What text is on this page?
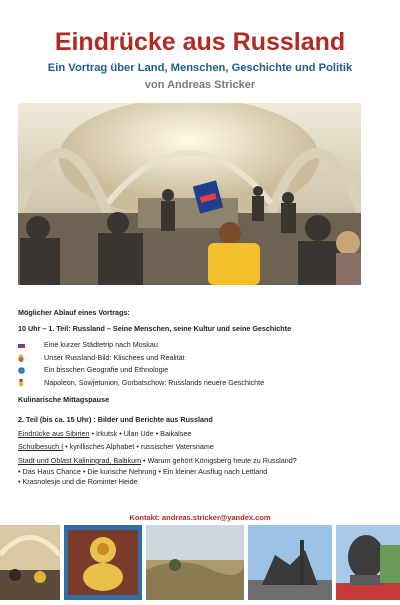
Eindrücke aus Russland
Ein Vortrag über Land, Menschen, Geschichte und Politik
von Andreas Stricker
Möglicher Ablauf eines Vortrags:
10 Uhr – 1. Teil: Russland – Seine Menschen, seine Kultur und seine Geschichte
Eine kurzer Städtetrip nach Moskau
Unser Russland-Bild: Klischees und Realität
Ein bisschen Geografie und Ethnologie
Napoleon, Sowjetunion, Gorbatschow: Russlands neuere Geschichte
Kulinarische Mittagspause
2. Teil (bis ca. 15 Uhr) : Bilder und Berichte aus Russland
Eindrücke aus Sibirien • Irkutsk • Ulan Ude • Baikalsee
Schulbesuch I • kyrillisches Alphabet • russischer Vatersname
Stadt und Oblast Kaliningrad, Baltikum • Warum gehört Königsberg heute zu Russland?
• Das Haus Chance • Die kurische Nehrung • Ein kleiner Ausflug nach Lettland
• Krasnolesje und die Rominter Heide
Kontakt: andreas.stricker@yandex.com
